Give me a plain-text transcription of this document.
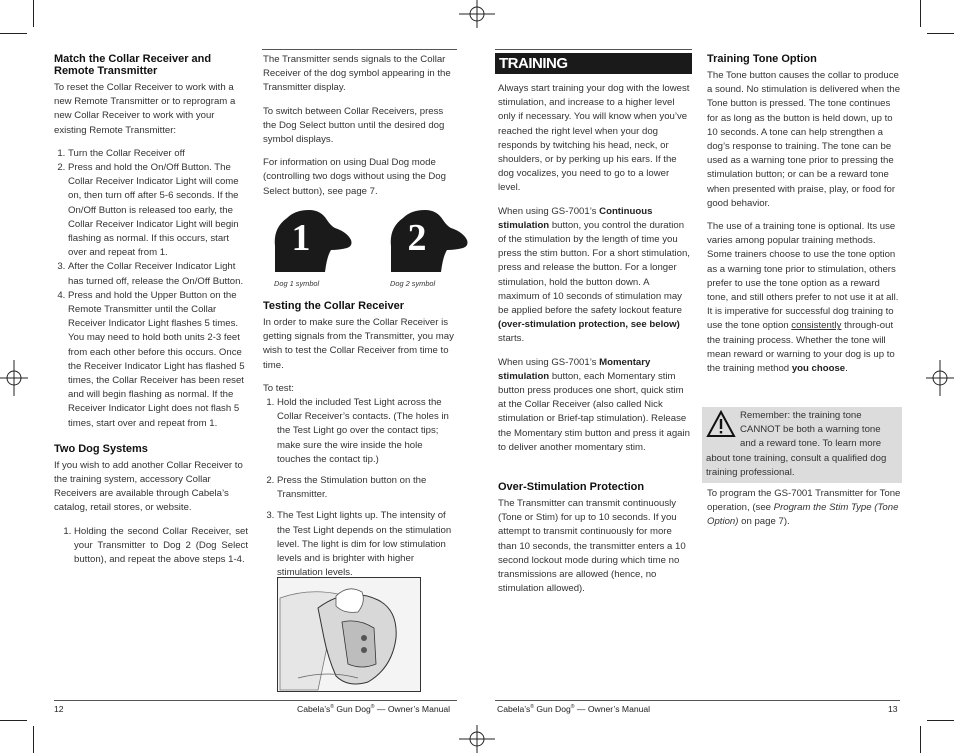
Match the Collar Receiver and Remote Transmitter

To reset the Collar Receiver to work with a new Remote Transmitter or to reprogram a new Collar Receiver to work with your existing Remote Transmitter:

1. Turn the Collar Receiver off
2. Press and hold the On/Off Button. The Collar Receiver Indicator Light will come on, then turn off after 5-6 seconds. If the On/Off Button is released too early, the Collar Receiver Indicator Light will begin flashing as normal. If this occurs, start over and repeat from 1.
3. After the Collar Receiver Indicator Light has turned off, release the On/Off Button.
4. Press and hold the Upper Button on the Remote Transmitter until the Collar Receiver Indicator Light flashes 5 times. You may need to hold both units 2-3 feet from each other before this occurs. Once the Receiver Indicator Light has flashed 5 times, the Collar Receiver has been reset and will begin flashing as normal. If the Receiver Indicator Light does not flash 5 times, start over and repeat from 1.
Two Dog Systems

If you wish to add another Collar Receiver to the training system, accessory Collar Receivers are available through Cabela’s catalog, retail stores, or website.

1. Holding the second Collar Receiver, set your Transmitter to Dog 2 (Dog Select button), and repeat the above steps 1-4.

The Transmitter sends signals to the Collar Receiver of the dog symbol appearing in the Transmitter display.

To switch between Collar Receivers, press the Dog Select button until the desired dog symbol displays.

For information on using Dual Dog mode (controlling two dogs without using the Dog Select button), see page 7.

1	2
Dog 1 symbol	Dog 2 symbol
Testing the Collar Receiver

In order to make sure the Collar Receiver is getting signals from the Transmitter, you may wish to test the Collar Receiver from time to time.

To test:

1. Hold the included Test Light across the Collar Receiver’s contacts. (The holes in the Test Light go over the contact tips; make sure the wire inside the hole touches the contact tip.)
2. Press the Stimulation button on the Transmitter.
3. The Test Light lights up. The intensity of the Test Light depends on the stimulation level. The light is dim for low stimulation levels and is brighter with higher stimulation levels.
12	Cabela’s® Gun Dog® — Owner’s Manual
TRAINING

Always start training your dog with the lowest stimulation, and increase to a higher level only if necessary. You will know when you’ve reached the right level when your dog responds by twitching his head, neck, or shoulders, or by perking up his ears. If the dog vocalizes, you need to go to a lower level.

When using GS-7001’s Continuous stimulation button, you control the duration of the stimulation by the length of time you press the stim button. For a short stimulation, press and release the button. For a longer stimulation, hold the button down. A maximum of 10 seconds of stimulation may be applied before the safety lockout feature (over-stimulation protection, see below) starts.

When using GS-7001’s Momentary stimulation button, each Momentary stim button press produces one short, quick stim at the Collar Receiver (also called Nick stimulation or Brief-tap stimulation). Release the Momentary stim button and press it again to deliver another momentary stim.

Over-Stimulation Protection

The Transmitter can transmit continuously (Tone or Stim) for up to 10 seconds. If you attempt to transmit continuously for more than 10 seconds, the transmitter enters a 10 second lockout mode during which time no transmissions are allowed (hence, no stimulation allowed).

Training Tone Option

The Tone button causes the collar to produce a sound. No stimulation is delivered when the Tone button is pressed. The tone continues for as long as the button is held down, up to 10 seconds. A tone can help strengthen a dog’s response to training. The tone can be used as a warning tone prior to pressing the stimulation button; or can be a reward tone when presented with praise, play, or food for good behavior.

The use of a training tone is optional. Its use varies among popular training methods. Some trainers choose to use the tone option as a warning tone prior to stimulation, others prefer to use the tone option as a reward tone, and still others prefer to not use it at all. It is imperative for successful dog training to use the tone option consistently through-out the training process. Whether the tone will mean reward or warning to your dog is up to the training method you choose.

Remember: the training tone CANNOT be both a warning tone and a reward tone. To learn more about tone training, consult a qualified dog training professional.

To program the GS-7001 Transmitter for Tone operation, (see Program the Stim Type (Tone Option) on page 7).

Cabela’s® Gun Dog® — Owner’s Manual	13
